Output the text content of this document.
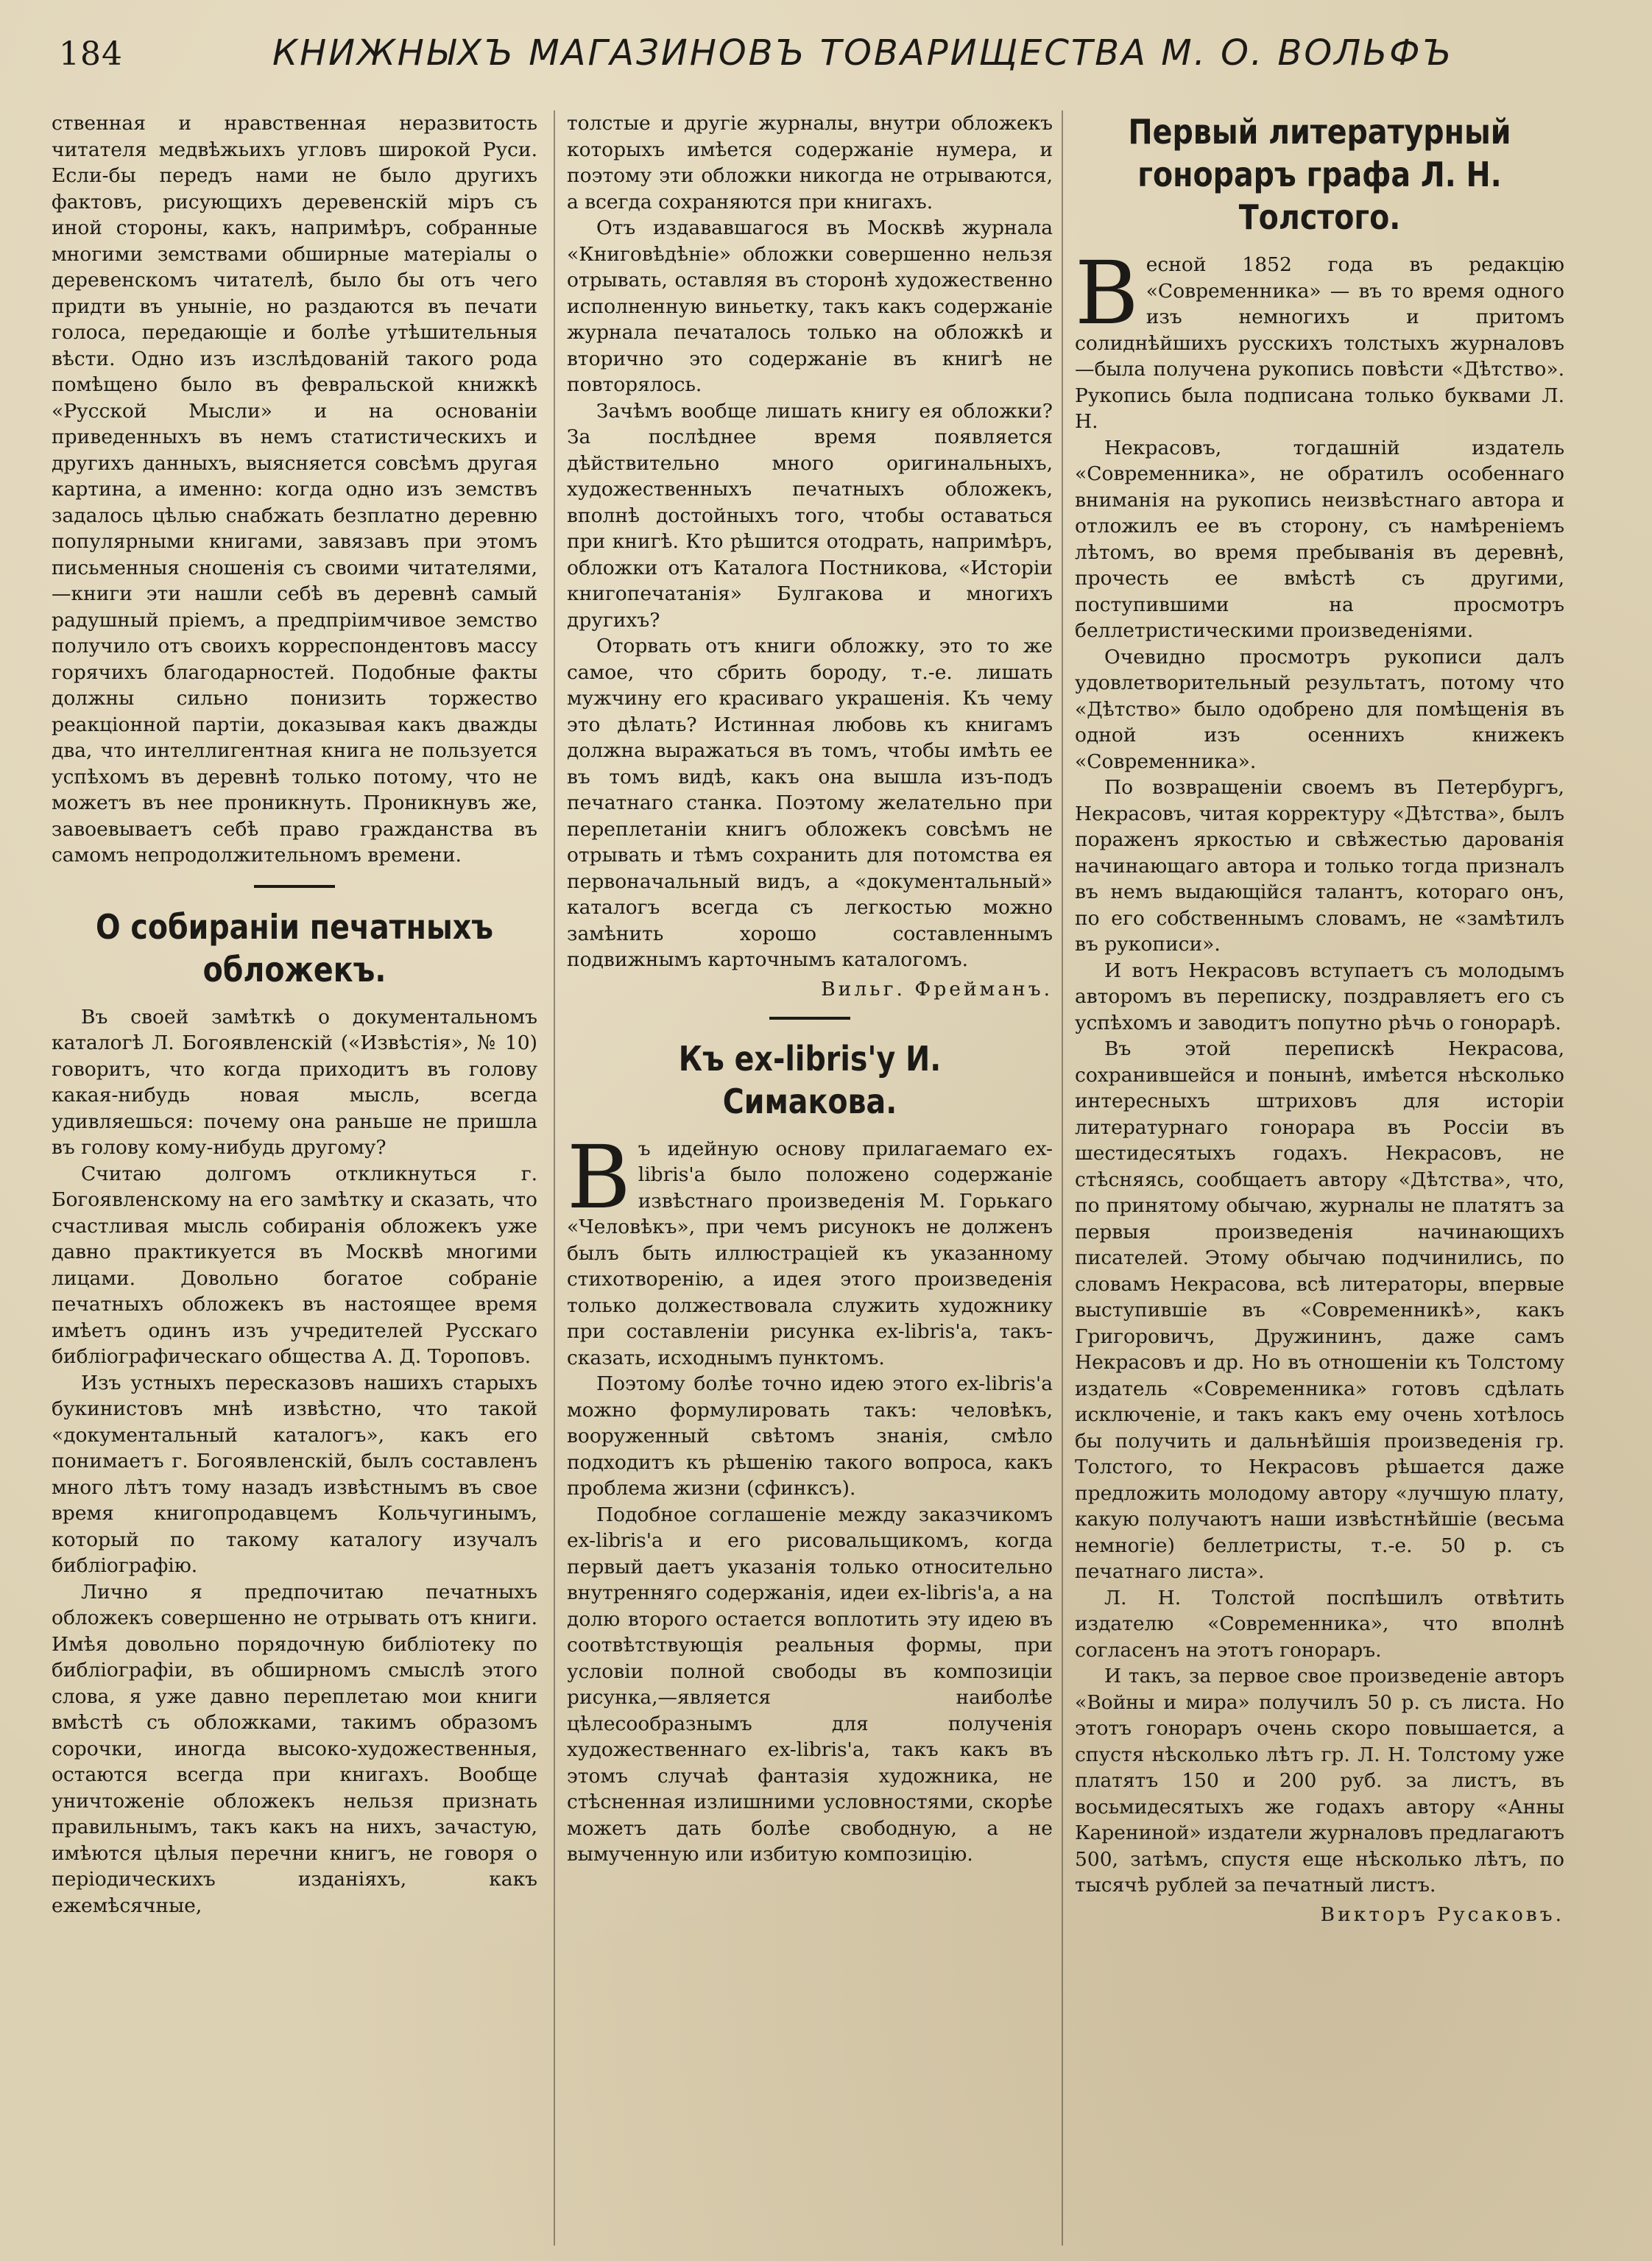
184	КНИЖНЫХЪ МАГАЗИНОВЪ ТОВАРИЩЕСТВА М. О. ВОЛЬФЪ

ственная и нравственная неразвитость читателя медвѣжьихъ угловъ широкой Руси. Если-бы передъ нами не было другихъ фактовъ, рисующихъ деревенскій міръ съ иной стороны, какъ, напримѣръ, собранные многими земствами обширные матеріалы о деревенскомъ читателѣ, было бы отъ чего придти въ уныніе, но раздаются въ печати голоса, передающіе и болѣе утѣшительныя вѣсти. Одно изъ изслѣдованій такого рода помѣщено было въ февральской книжкѣ «Русской Мысли» и на основаніи приведенныхъ въ немъ статистическихъ и другихъ данныхъ, выясняется совсѣмъ другая картина, а именно: когда одно изъ земствъ задалось цѣлью снабжать безплатно деревню популярными книгами, завязавъ при этомъ письменныя сношенія съ своими читателями,—книги эти нашли себѣ въ деревнѣ самый радушный пріемъ, а предпріимчивое земство получило отъ своихъ корреспондентовъ массу горячихъ благодарностей. Подобные факты должны сильно понизить торжество реакціонной партіи, доказывая какъ дважды два, что интеллигентная книга не пользуется успѣхомъ въ деревнѣ только потому, что не можетъ въ нее проникнуть. Проникнувъ же, завоевываетъ себѣ право гражданства въ самомъ непродолжительномъ времени.

О собираніи печатныхъ обложекъ.

Въ своей замѣткѣ о документальномъ каталогѣ Л. Богоявленскій («Извѣстія», № 10) говоритъ, что когда приходитъ въ голову какая-нибудь новая мысль, всегда удивляешься: почему она раньше не пришла въ голову кому-нибудь другому?

Считаю долгомъ откликнуться г. Богоявленскому на его замѣтку и сказать, что счастливая мысль собиранія обложекъ уже давно практикуется въ Москвѣ многими лицами. Довольно богатое собраніе печатныхъ обложекъ въ настоящее время имѣетъ одинъ изъ учредителей Русскаго библіографическаго общества А. Д. Тороповъ.

Изъ устныхъ пересказовъ нашихъ старыхъ букинистовъ мнѣ извѣстно, что такой «документальный каталогъ», какъ его понимаетъ г. Богоявленскій, былъ составленъ много лѣтъ тому назадъ извѣстнымъ въ свое время книгопродавцемъ Кольчугинымъ, который по такому каталогу изучалъ библіографію.

Лично я предпочитаю печатныхъ обложекъ совершенно не отрывать отъ книги. Имѣя довольно порядочную библіотеку по библіографіи, въ обширномъ смыслѣ этого слова, я уже давно переплетаю мои книги вмѣстѣ съ обложками, такимъ образомъ сорочки, иногда высоко-художественныя, остаются всегда при книгахъ. Вообще уничтоженіе обложекъ нельзя признать правильнымъ, такъ какъ на нихъ, зачастую, имѣются цѣлыя перечни книгъ, не говоря о періодическихъ изданіяхъ, какъ ежемѣсячные,

толстые и другіе журналы, внутри обложекъ которыхъ имѣется содержаніе нумера, и поэтому эти обложки никогда не отрываются, а всегда сохраняются при книгахъ.

Отъ издававшагося въ Москвѣ журнала «Книговѣдѣніе» обложки совершенно нельзя отрывать, оставляя въ сторонѣ художественно исполненную виньетку, такъ какъ содержаніе журнала печаталось только на обложкѣ и вторично это содержаніе въ книгѣ не повторялось.

Зачѣмъ вообще лишать книгу ея обложки? За послѣднее время появляется дѣйствительно много оригинальныхъ, художественныхъ печатныхъ обложекъ, вполнѣ достойныхъ того, чтобы оставаться при книгѣ. Кто рѣшится отодрать, напримѣръ, обложки отъ Каталога Постникова, «Исторіи книгопечатанія» Булгакова и многихъ другихъ?

Оторвать отъ книги обложку, это то же самое, что сбрить бороду, т.-е. лишать мужчину его красиваго украшенія. Къ чему это дѣлать? Истинная любовь къ книгамъ должна выражаться въ томъ, чтобы имѣть ее въ томъ видѣ, какъ она вышла изъ-подъ печатнаго станка. Поэтому желательно при переплетаніи книгъ обложекъ совсѣмъ не отрывать и тѣмъ сохранить для потомства ея первоначальный видъ, а «документальный» каталогъ всегда съ легкостью можно замѣнить хорошо составленнымъ подвижнымъ карточнымъ каталогомъ.

Вильг. Фрейманъ.
Къ ex-libris'у И. Симакова.

Въ идейную основу прилагаемаго ex-libris'а было положено содержаніе извѣстнаго произведенія М. Горькаго «Человѣкъ», при чемъ рисунокъ не долженъ былъ быть иллюстраціей къ указанному стихотворенію, а идея этого произведенія только должествовала служить художнику при составленіи рисунка ex-libris'а, такъ-сказать, исходнымъ пунктомъ.

Поэтому болѣе точно идею этого ex-libris'а можно формулировать такъ: человѣкъ, вооруженный свѣтомъ знанія, смѣло подходитъ къ рѣшенію такого вопроса, какъ проблема жизни (сфинксъ).

Подобное соглашеніе между заказчикомъ ex-libris'а и его рисовальщикомъ, когда первый даетъ указанія только относительно внутренняго содержанія, идеи ex-libris'а, а на долю второго остается воплотить эту идею въ соотвѣтствующія реальныя формы, при условіи полной свободы въ композиціи рисунка,—является наиболѣе цѣлесообразнымъ для полученія художественнаго ex-libris'а, такъ какъ въ этомъ случаѣ фантазія художника, не стѣсненная излишними условностями, скорѣе можетъ дать болѣе свободную, а не вымученную или избитую композицію.

Первый литературный гонораръ графа Л. Н. Толстого.

Весной 1852 года въ редакцію «Современника» — въ то время одного изъ немногихъ и притомъ солиднѣйшихъ русскихъ толстыхъ журналовъ—была получена рукопись повѣсти «Дѣтство». Рукопись была подписана только буквами Л. Н.

Некрасовъ, тогдашній издатель «Современника», не обратилъ особеннаго вниманія на рукопись неизвѣстнаго автора и отложилъ ее въ сторону, съ намѣреніемъ лѣтомъ, во время пребыванія въ деревнѣ, прочесть ее вмѣстѣ съ другими, поступившими на просмотръ беллетристическими произведеніями.

Очевидно просмотръ рукописи далъ удовлетворительный результатъ, потому что «Дѣтство» было одобрено для помѣщенія въ одной изъ осеннихъ книжекъ «Современника».

По возвращеніи своемъ въ Петербургъ, Некрасовъ, читая корректуру «Дѣтства», былъ пораженъ яркостью и свѣжестью дарованія начинающаго автора и только тогда призналъ въ немъ выдающійся талантъ, котораго онъ, по его собственнымъ словамъ, не «замѣтилъ въ рукописи».

И вотъ Некрасовъ вступаетъ съ молодымъ авторомъ въ переписку, поздравляетъ его съ успѣхомъ и заводитъ попутно рѣчь о гонорарѣ.

Въ этой перепискѣ Некрасова, сохранившейся и понынѣ, имѣется нѣсколько интересныхъ штриховъ для исторіи литературнаго гонорара въ Россіи въ шестидесятыхъ годахъ. Некрасовъ, не стѣсняясь, сообщаетъ автору «Дѣтства», что, по принятому обычаю, журналы не платятъ за первыя произведенія начинающихъ писателей. Этому обычаю подчинились, по словамъ Некрасова, всѣ литераторы, впервые выступившіе въ «Современникѣ», какъ Григоровичъ, Дружининъ, даже самъ Некрасовъ и др. Но въ отношеніи къ Толстому издатель «Современника» готовъ сдѣлать исключеніе, и такъ какъ ему очень хотѣлось бы получить и дальнѣйшія произведенія гр. Толстого, то Некрасовъ рѣшается даже предложить молодому автору «лучшую плату, какую получаютъ наши извѣстнѣйшіе (весьма немногіе) беллетристы, т.-е. 50 р. съ печатнаго листа».

Л. Н. Толстой поспѣшилъ отвѣтить издателю «Современника», что вполнѣ согласенъ на этотъ гонораръ.

И такъ, за первое свое произведеніе авторъ «Войны и мира» получилъ 50 р. съ листа. Но этотъ гонораръ очень скоро повышается, а спустя нѣсколько лѣтъ гр. Л. Н. Толстому уже платятъ 150 и 200 руб. за листъ, въ восьмидесятыхъ же годахъ автору «Анны Карениной» издатели журналовъ предлагаютъ 500, затѣмъ, спустя еще нѣсколько лѣтъ, по тысячѣ рублей за печатный листъ.

Викторъ Русаковъ.
